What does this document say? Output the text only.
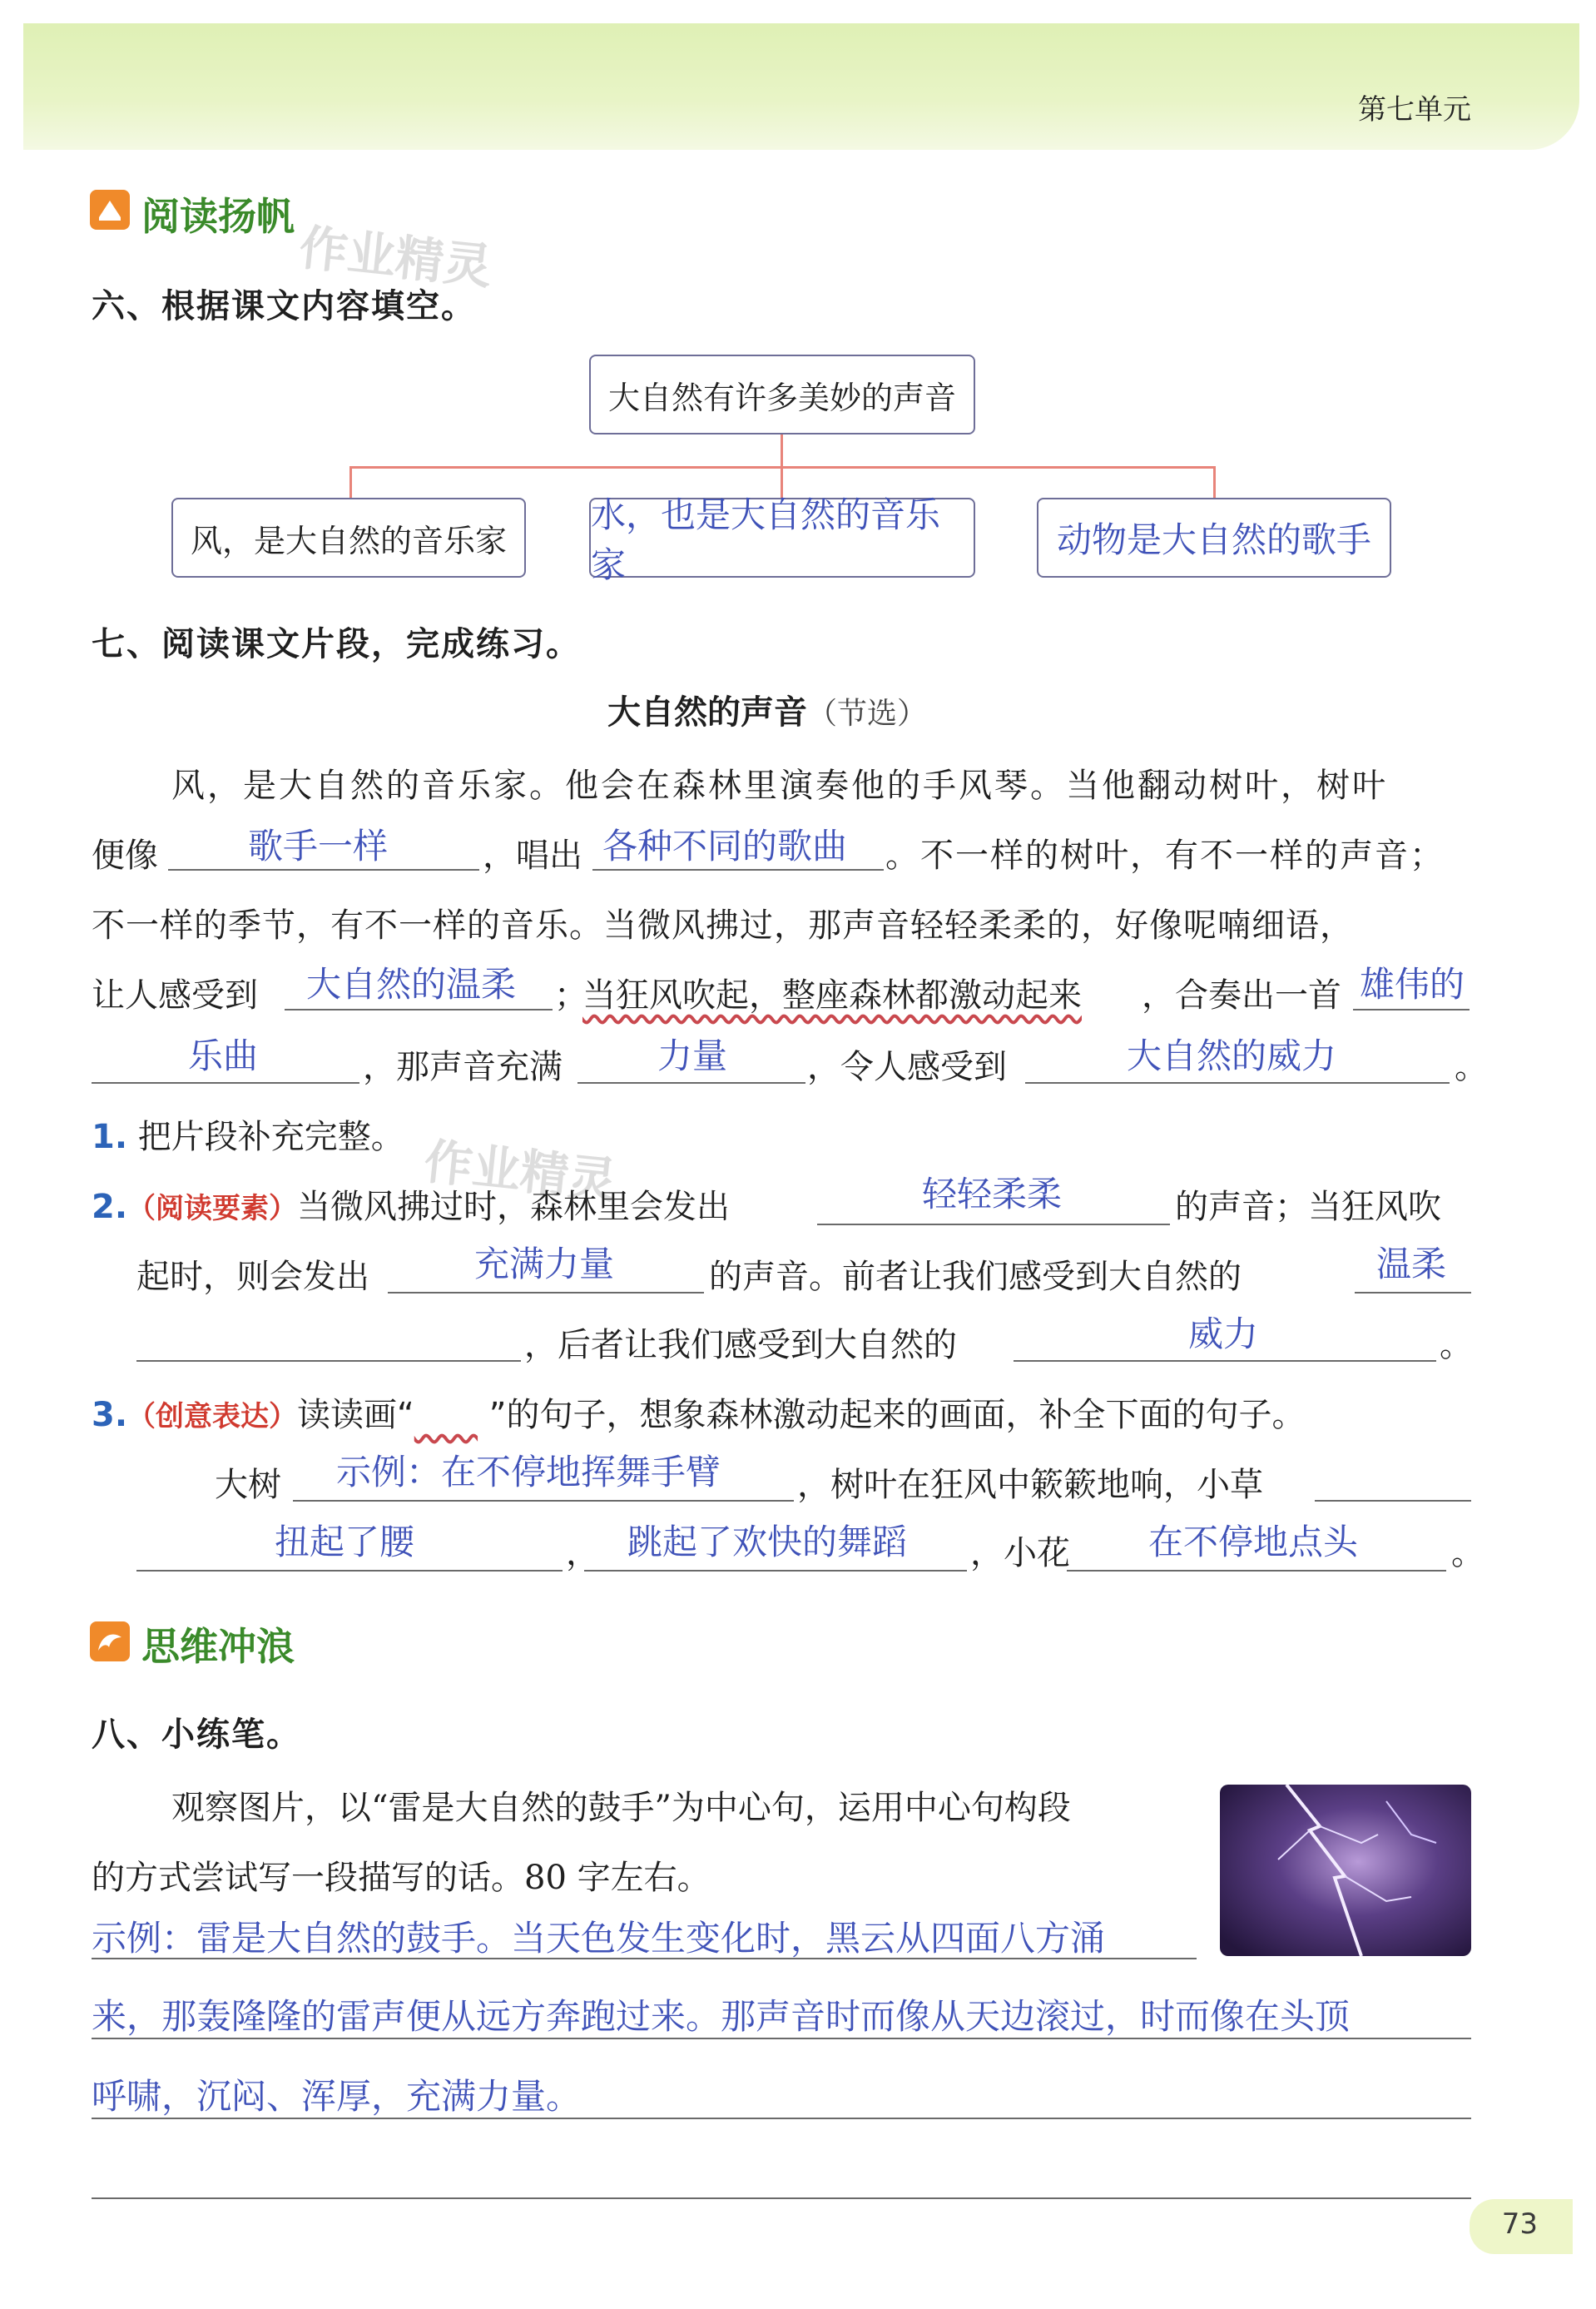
第七单元
阅读扬帆
作业精灵
六、根据课文内容填空。
大自然有许多美妙的声音
风，是大自然的音乐家
水，也是大自然的音乐家
动物是大自然的歌手
七、阅读课文片段，完成练习。
大自然的声音（节选）
风，是大自然的音乐家。他会在森林里演奏他的手风琴。当他翻动树叶，树叶
便像	歌手一样	，唱出 各种不同的歌曲 。不一样的树叶，有不一样的声音；
不一样的季节，有不一样的音乐。当微风拂过，那声音轻轻柔柔的，好像呢喃细语，
让人感受到 大自然的温柔 ；
当狂风吹起，整座森林都激动起来 ，合奏出一首 雄伟的
乐曲	，那声音充满	力量 ，令人感受到	大自然的威力	。
1. 把片段补充完整。 作业精灵
2.（阅读要素）当微风拂过时，森林里会发出	轻轻柔柔	的声音；当狂风吹
起时，则会发出	充满力量	的声音。前者让我们感受到大自然的	温柔
，后者让我们感受到大自然的	威力	。
3.（创意表达）读读画“ ”的句子，想象森林激动起来的画面，补全下面的句子。
大树 示例：在不停地挥舞手臂 ，树叶在狂风中簌簌地响，小草
扭起了腰	， 跳起了欢快的舞蹈 ，小花 在不停地点头	。
思维冲浪
八、小练笔。
观察图片，以“雷是大自然的鼓手”为中心句，运用中心句构段
的方式尝试写一段描写的话。80 字左右。
示例：雷是大自然的鼓手。当天色发生变化时，黑云从四面八方涌
来，那轰隆隆的雷声便从远方奔跑过来。那声音时而像从天边滚过，时而像在头顶
呼啸，沉闷、浑厚，充满力量。
73
